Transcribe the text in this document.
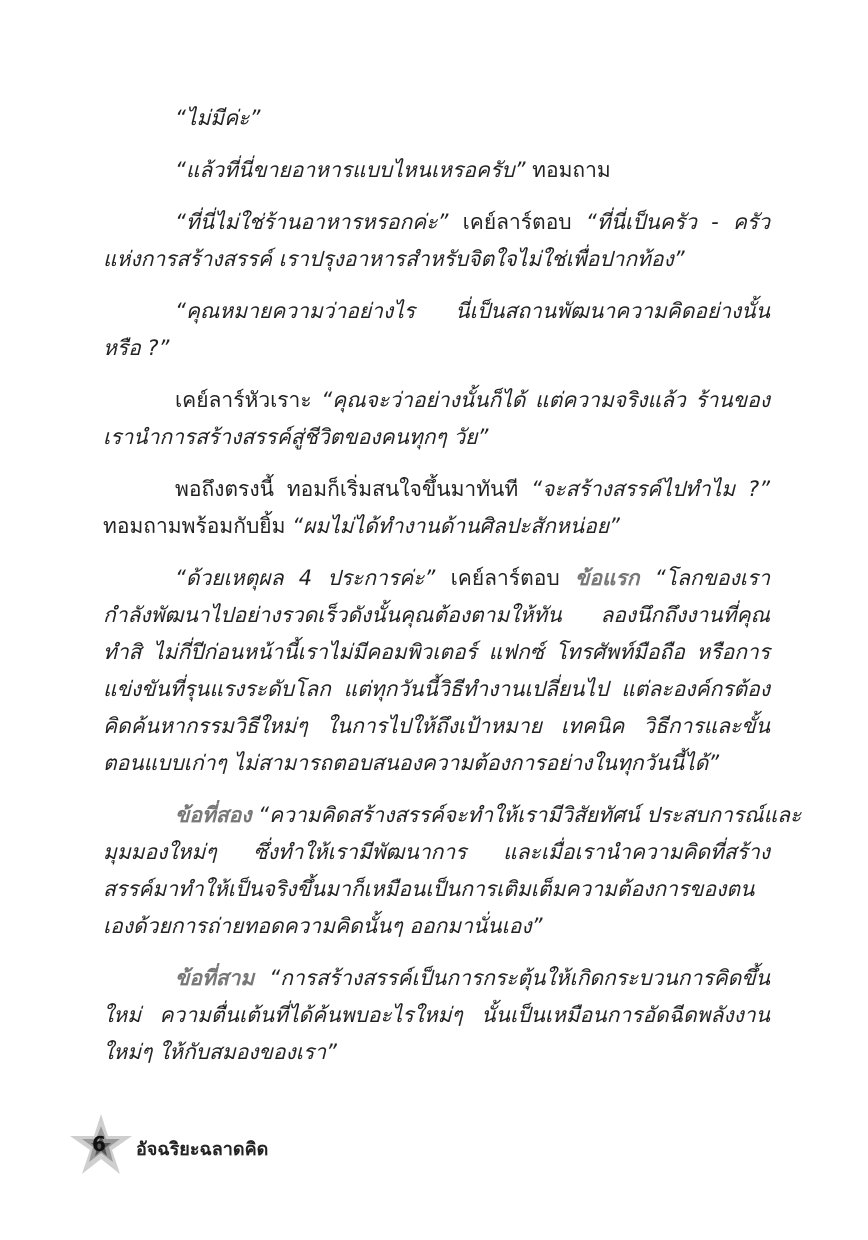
“ไม่มีค่ะ”
“แล้วที่นี่ขายอาหารแบบไหนเหรอครับ” ทอมถาม
“ที่นี่ไม่ใช่ร้านอาหารหรอกค่ะ” เคย์ลาร์ตอบ “ที่นี่เป็นครัว - ครัว
แห่งการสร้างสรรค์ เราปรุงอาหารสำหรับจิตใจไม่ใช่เพื่อปากท้อง”
“คุณหมายความว่าอย่างไร นี่เป็นสถานพัฒนาความคิดอย่างนั้น
หรือ ?”
เคย์ลาร์หัวเราะ “คุณจะว่าอย่างนั้นก็ได้ แต่ความจริงแล้ว ร้านของ
เรานำการสร้างสรรค์สู่ชีวิตของคนทุกๆ วัย”
พอถึงตรงนี้ ทอมก็เริ่มสนใจขึ้นมาทันที “จะสร้างสรรค์ไปทำไม ?”
ทอมถามพร้อมกับยิ้ม “ผมไม่ได้ทำงานด้านศิลปะสักหน่อย”
“ด้วยเหตุผล 4 ประการค่ะ” เคย์ลาร์ตอบ ข้อแรก “โลกของเรา
กำลังพัฒนาไปอย่างรวดเร็วดังนั้นคุณต้องตามให้ทัน ลองนึกถึงงานที่คุณ
ทำสิ ไม่กี่ปีก่อนหน้านี้เราไม่มีคอมพิวเตอร์ แฟกซ์ โทรศัพท์มือถือ หรือการ
แข่งขันที่รุนแรงระดับโลก แต่ทุกวันนี้วิธีทำงานเปลี่ยนไป แต่ละองค์กรต้อง
คิดค้นหากรรมวิธีใหม่ๆ ในการไปให้ถึงเป้าหมาย เทคนิค วิธีการและขั้น
ตอนแบบเก่าๆ ไม่สามารถตอบสนองความต้องการอย่างในทุกวันนี้ได้”
ข้อที่สอง “ความคิดสร้างสรรค์จะทำให้เรามีวิสัยทัศน์ ประสบการณ์และ
มุมมองใหม่ๆ ซึ่งทำให้เรามีพัฒนาการ และเมื่อเรานำความคิดที่สร้าง
สรรค์มาทำให้เป็นจริงขึ้นมาก็เหมือนเป็นการเติมเต็มความต้องการของตน
เองด้วยการถ่ายทอดความคิดนั้นๆ ออกมานั่นเอง”
ข้อที่สาม “การสร้างสรรค์เป็นการกระตุ้นให้เกิดกระบวนการคิดขึ้น
ใหม่ ความตื่นเต้นที่ได้ค้นพบอะไรใหม่ๆ นั้นเป็นเหมือนการอัดฉีดพลังงาน
ใหม่ๆ ให้กับสมองของเรา”
6 อัจฉริยะฉลาดคิด
